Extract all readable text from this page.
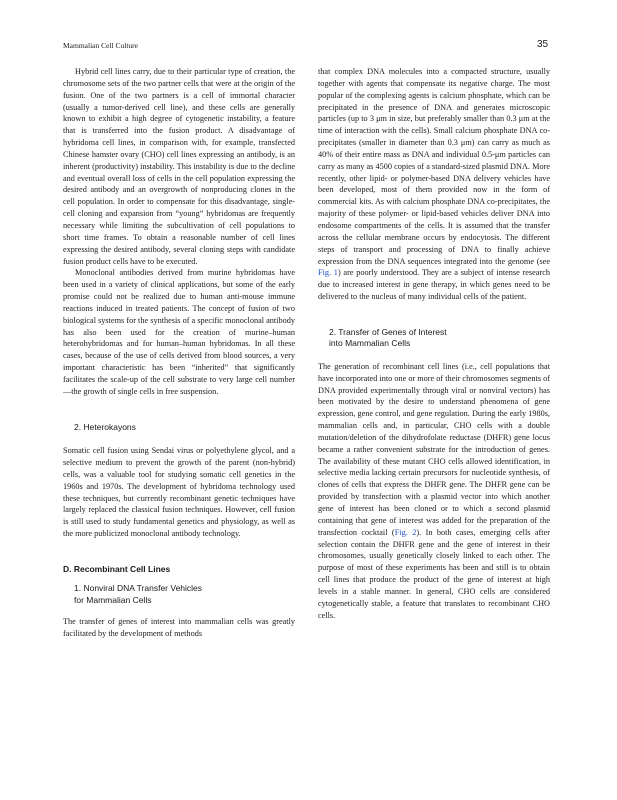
Mammalian Cell Culture	35

Hybrid cell lines carry, due to their particular type of creation, the chromosome sets of the two partner cells that were at the origin of the fusion. One of the two partners is a cell of immortal character (usually a tumor-derived cell line), and these cells are generally known to exhibit a high degree of cytogenetic instability, a feature that is transferred into the fusion product. A disadvantage of hybridoma cell lines, in comparison with, for example, transfected Chinese hamster ovary (CHO) cell lines expressing an antibody, is an inherent (productivity) instability. This instability is due to the decline and eventual overall loss of cells in the cell population expressing the desired antibody and an overgrowth of nonproducing clones in the cell population. In order to compensate for this disadvantage, single-cell cloning and expansion from “young” hybridomas are frequently necessary while limiting the subcultivation of cell populations to short time frames. To obtain a reasonable number of cell lines expressing the desired antibody, several cloning steps with candidate fusion product cells have to be executed.

Monoclonal antibodies derived from murine hybridomas have been used in a variety of clinical applications, but some of the early promise could not be realized due to human anti-mouse immune reactions induced in treated patients. The concept of fusion of two biological systems for the synthesis of a specific monoclonal antibody has also been used for the creation of murine–human heterohybridomas and for human–human hybridomas. In all these cases, because of the use of cells derived from blood sources, a very important characteristic has been “inherited” that significantly facilitates the scale-up of the cell substrate to very large cell number—the growth of single cells in free suspension.

2. Heterokayons

Somatic cell fusion using Sendai virus or polyethylene glycol, and a selective medium to prevent the growth of the parent (non-hybrid) cells, was a valuable tool for studying somatic cell genetics in the 1960s and 1970s. The development of hybridoma technology used these techniques, but currently recombinant genetic techniques have largely replaced the classical fusion techniques. However, cell fusion is still used to study fundamental genetics and physiology, as well as the more publicized monoclonal antibody technology.

D. Recombinant Cell Lines
1. Nonviral DNA Transfer Vehicles
for Mammalian Cells

The transfer of genes of interest into mammalian cells was greatly facilitated by the development of methods

that complex DNA molecules into a compacted structure, usually together with agents that compensate its negative charge. The most popular of the complexing agents is calcium phosphate, which can be precipitated in the presence of DNA and generates microscopic particles (up to 3 μm in size, but preferably smaller than 0.3 μm at the time of interaction with the cells). Small calcium phosphate DNA co-precipitates (smaller in diameter than 0.3 μm) can carry as much as 40% of their entire mass as DNA and individual 0.5-μm particles can carry as many as 4500 copies of a standard-sized plasmid DNA. More recently, other lipid- or polymer-based DNA delivery vehicles have been developed, most of them provided now in the form of commercial kits. As with calcium phosphate DNA co-precipitates, the majority of these polymer- or lipid-based vehicles deliver DNA into endosome compartments of the cells. It is assumed that the transfer across the cellular membrane occurs by endocytosis. The different steps of transport and processing of DNA to finally achieve expression from the DNA sequences integrated into the genome (see Fig. 1) are poorly understood. They are a subject of intense research due to increased interest in gene therapy, in which genes need to be delivered to the nucleus of many individual cells of the patient.

2. Transfer of Genes of Interest
into Mammalian Cells

The generation of recombinant cell lines (i.e., cell populations that have incorporated into one or more of their chromosomes segments of DNA provided experimentally through viral or nonviral vectors) has been motivated by the desire to understand phenomena of gene expression, gene control, and gene regulation. During the early 1980s, mammalian cells and, in particular, CHO cells with a double mutation/deletion of the dihydrofolate reductase (DHFR) gene locus became a rather convenient substrate for the introduction of genes. The availability of these mutant CHO cells allowed identification, in selective media lacking certain precursors for nucleotide synthesis, of clones of cells that express the DHFR gene. The DHFR gene can be provided by transfection with a plasmid vector into which another gene of interest has been cloned or to which a second plasmid containing that gene of interest was added for the preparation of the transfection cocktail (Fig. 2). In both cases, emerging cells after selection contain the DHFR gene and the gene of interest in their chromosomes, usually genetically closely linked to each other. The purpose of most of these experiments has been and still is to obtain cell lines that produce the product of the gene of interest at high levels in a stable manner. In general, CHO cells are considered cytogenetically stable, a feature that translates to recombinant CHO cells.
